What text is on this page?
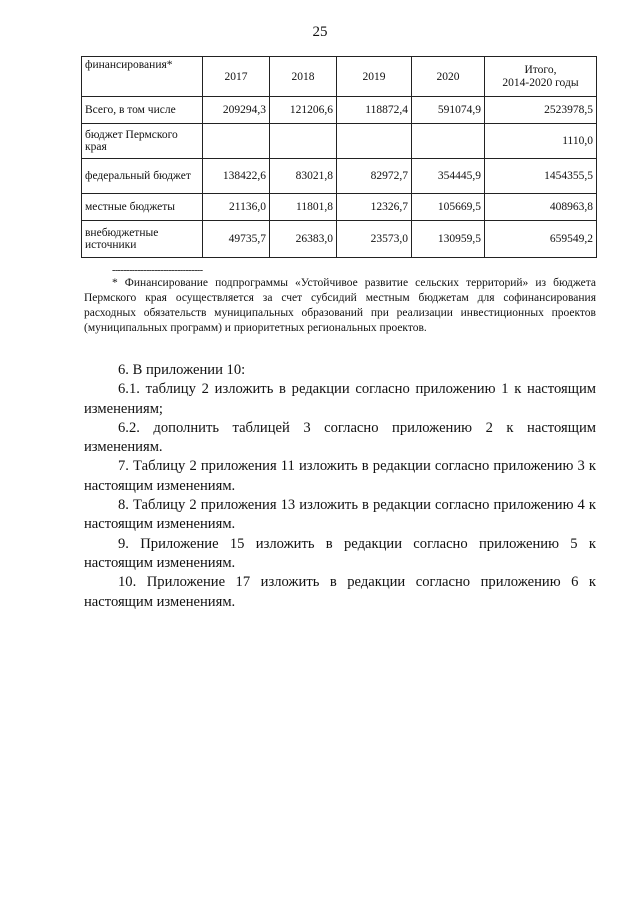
25
финансирования*	2017	2018	2019	2020	Итого,
2014-2020 годы
Всего, в том числе	209294,3	121206,6	118872,4	591074,9	2523978,5
бюджет Пермского края					1110,0
федеральный бюджет	138422,6	83021,8	82972,7	354445,9	1454355,5
местные бюджеты	21136,0	11801,8	12326,7	105669,5	408963,8
внебюджетные источники	49735,7	26383,0	23573,0	130959,5	659549,2
--------------------------------
* Финансирование подпрограммы «Устойчивое развитие сельских территорий» из бюджета Пермского края осуществляется за счет субсидий местным бюджетам для софинансирования расходных обязательств муниципальных образований при реализации инвестиционных проектов (муниципальных программ) и приоритетных региональных проектов.

6. В приложении 10:

6.1. таблицу 2 изложить в редакции согласно приложению 1 к настоящим изменениям;

6.2. дополнить таблицей 3 согласно приложению 2 к настоящим изменениям.

7. Таблицу 2 приложения 11 изложить в редакции согласно приложению 3 к настоящим изменениям.

8. Таблицу 2 приложения 13 изложить в редакции согласно приложению 4 к настоящим изменениям.

9. Приложение 15 изложить в редакции согласно приложению 5 к настоящим изменениям.

10. Приложение 17 изложить в редакции согласно приложению 6 к настоящим изменениям.
